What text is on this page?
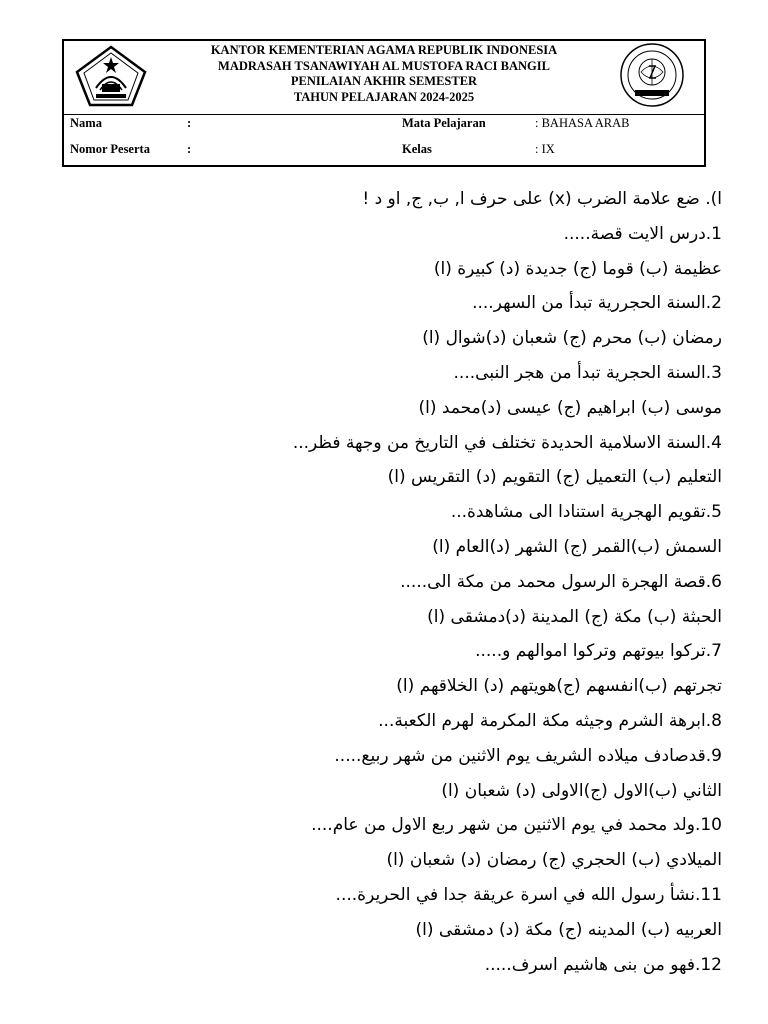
KANTOR KEMENTERIAN AGAMA REPUBLIK INDONESIA
MADRASAH TSANAWIYAH AL MUSTOFA RACI BANGIL
PENILAIAN AKHIR SEMESTER
TAHUN PELAJARAN 2024-2025
Nama	:
Nomor Peserta	:
Mata Pelajaran	: BAHASA ARAB
Kelas	: IX
ا). ضع علامة الضرب (x) على حرف ا, ب, ج, او د !
1.درس الايت قصة.....
عظيمة (ب) قوما (ج) جديدة (د) كبيرة (ا)
2.السنة الحجررية تبدأ من السهر....
رمضان (ب) محرم (ج) شعبان (د)شوال (ا)
3.السنة الحجرية تبدأ من هجر النبى....
موسى (ب) ابراهيم (ج) عيسى (د)محمد (ا)
4.السنة الاسلامية الحديدة تختلف في التاريخ من وجهة فظر...
التعليم (ب) التعميل (ج) التقويم (د) التقريس (ا)
5.تقويم الهجرية استنادا الى مشاهدة...
السمش (ب)القمر (ج) الشهر (د)العام (ا)
6.قصة الهجرة الرسول محمد من مكة الى.....
الحبثة (ب) مكة (ج) المدينة (د)دمشقى (ا)
7.تركوا بيوتهم وتركوا اموالهم و.....
تجرتهم (ب)انفسهم (ج)هويتهم (د) الخلاقهم (ا)
8.ابرهة الشرم وجيثه مكة المكرمة لهرم الكعبة...
9.قدصادف ميلاده الشريف يوم الاثنين من شهر ربيع.....
الثاني (ب)الاول (ج)الاولى (د) شعبان (ا)
10.ولد محمد في يوم الاثنين من شهر ربع الاول من عام....
الميلادي (ب) الحجري (ج) رمضان (د) شعبان (ا)
11.نشأ رسول الله في اسرة عريقة جدا في الحريرة....
العربيه (ب) المدينه (ج) مكة (د) دمشقى (ا)
12.فهو من بنى هاشيم اسرف.....
